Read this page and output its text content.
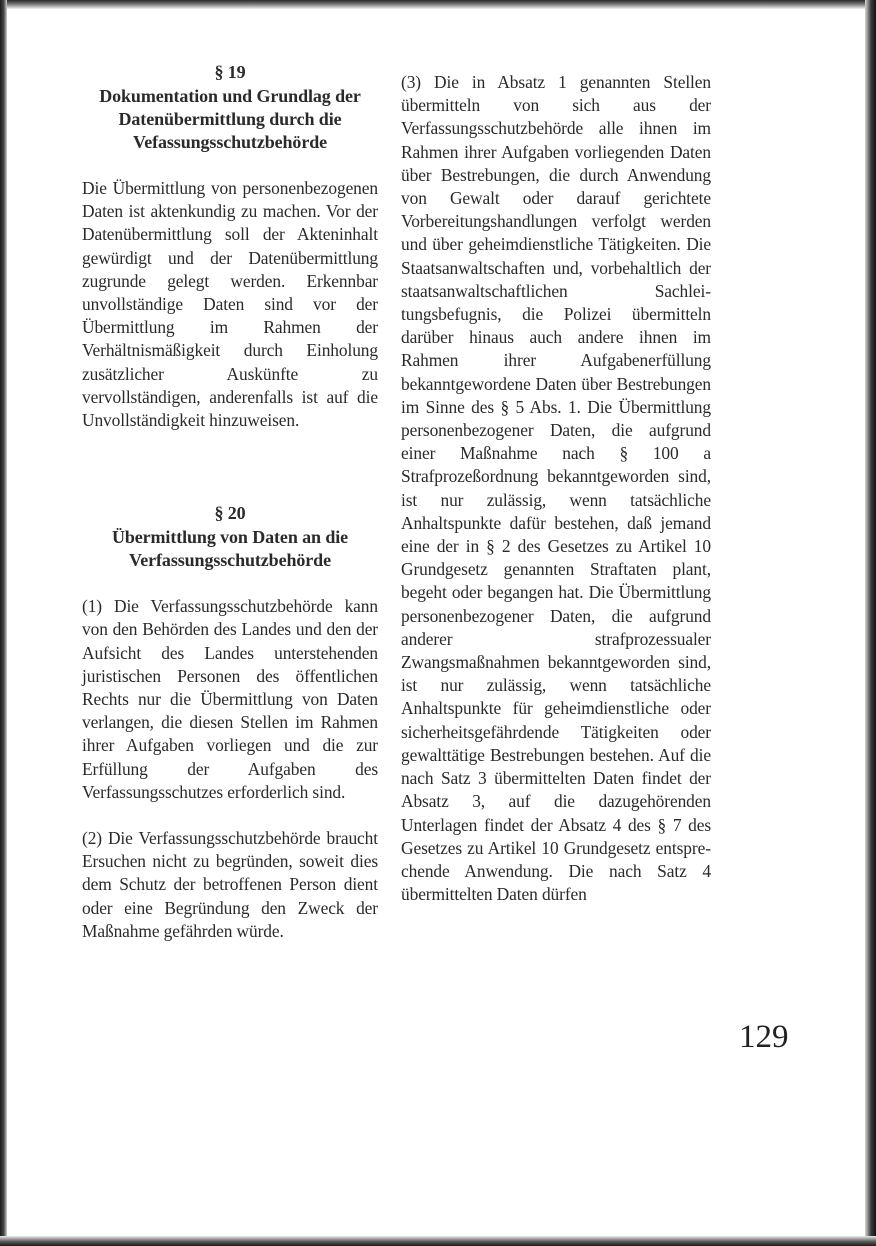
§ 19
Dokumentation und Grundlag der Datenübermittlung durch die Vefassungsschutzbehörde

Die Übermittlung von personenbezogenen Daten ist aktenkundig zu machen. Vor der Datenübermittlung soll der Akteninhalt gewürdigt und der Datenübermittlung zugrunde gelegt werden. Erkennbar unvollständige Daten sind vor der Übermittlung im Rahmen der Verhältnismäßigkeit durch Einholung zusätzlicher Auskünfte zu vervollständigen, anderenfalls ist auf die Unvollständigkeit hinzuweisen.

§ 20
Übermittlung von Daten an die Verfassungsschutzbehörde

(1) Die Verfassungsschutzbehörde kann von den Behörden des Landes und den der Aufsicht des Landes unterstehenden juristischen Personen des öffentlichen Rechts nur die Übermittlung von Daten verlangen, die diesen Stellen im Rahmen ihrer Aufgaben vorliegen und die zur Erfüllung der Aufgaben des Verfassungsschutzes erforderlich sind.

(2) Die Verfassungsschutzbehörde braucht Ersuchen nicht zu begründen, soweit dies dem Schutz der betroffenen Person dient oder eine Begründung den Zweck der Maßnahme gefährden würde.

(3) Die in Absatz 1 genannten Stellen übermitteln von sich aus der Verfassungsschutzbehörde alle ihnen im Rahmen ihrer Aufgaben vorliegenden Daten über Bestrebungen, die durch Anwendung von Gewalt oder darauf gerichtete Vorbereitungshandlungen verfolgt werden und über geheimdienstliche Tätigkeiten. Die Staatsanwaltschaften und, vorbehaltlich der staatsanwaltschaftlichen Sachleitungsbefugnis, die Polizei übermitteln darüber hinaus auch andere ihnen im Rahmen ihrer Aufgabenerfüllung bekanntgewordene Daten über Bestrebungen im Sinne des § 5 Abs. 1. Die Übermittlung personenbezogener Daten, die aufgrund einer Maßnahme nach § 100 a Strafprozeßordnung bekanntgeworden sind, ist nur zulässig, wenn tatsächliche Anhaltspunkte dafür bestehen, daß jemand eine der in § 2 des Gesetzes zu Artikel 10 Grundgesetz genannten Straftaten plant, begeht oder begangen hat. Die Übermittlung personenbezogener Daten, die aufgrund anderer strafprozessualer Zwangsmaßnahmen bekanntgeworden sind, ist nur zulässig, wenn tatsächliche Anhaltspunkte für geheimdienstliche oder sicherheitsgefährdende Tätigkeiten oder gewalttätige Bestrebungen bestehen. Auf die nach Satz 3 übermittelten Daten findet der Absatz 3, auf die dazugehörenden Unterlagen findet der Absatz 4 des § 7 des Gesetzes zu Artikel 10 Grundgesetz entsprechende Anwendung. Die nach Satz 4 übermittelten Daten dürfen

129
